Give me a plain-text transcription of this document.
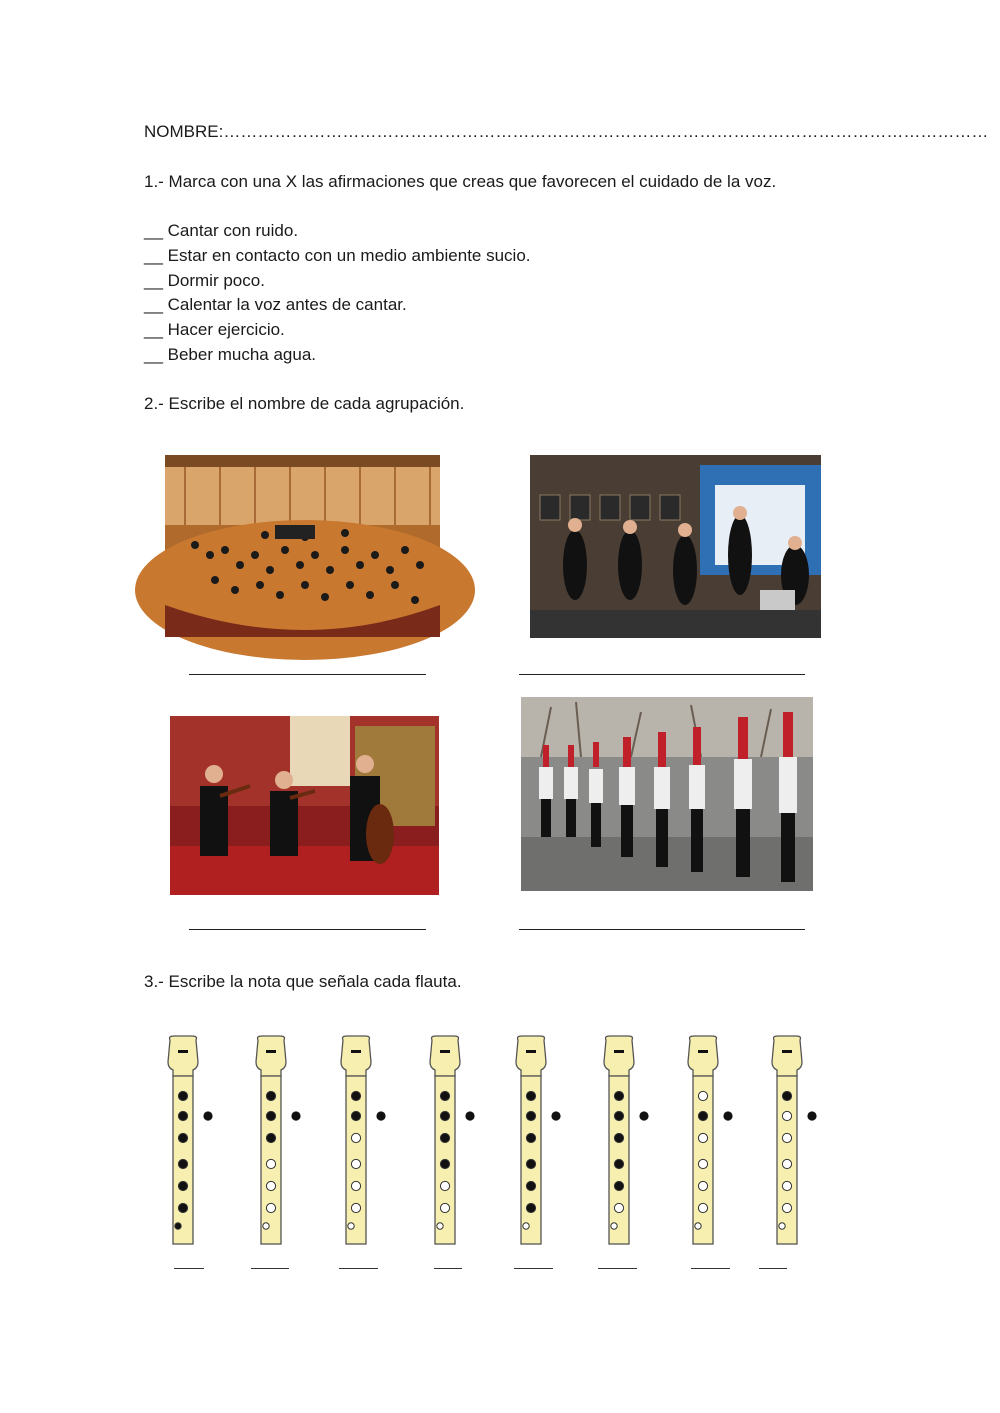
NOMBRE:………………………………………………………………………………………………………………………
1.- Marca con una X las afirmaciones que creas que favorecen el cuidado de la voz.
__ Cantar con ruido.
__ Estar en contacto con un medio ambiente sucio.
__ Dormir poco.
__ Calentar la voz antes de cantar.
__ Hacer ejercicio.
__ Beber mucha agua.
2.- Escribe el nombre de cada agrupación.
3.- Escribe la nota que señala cada flauta.
